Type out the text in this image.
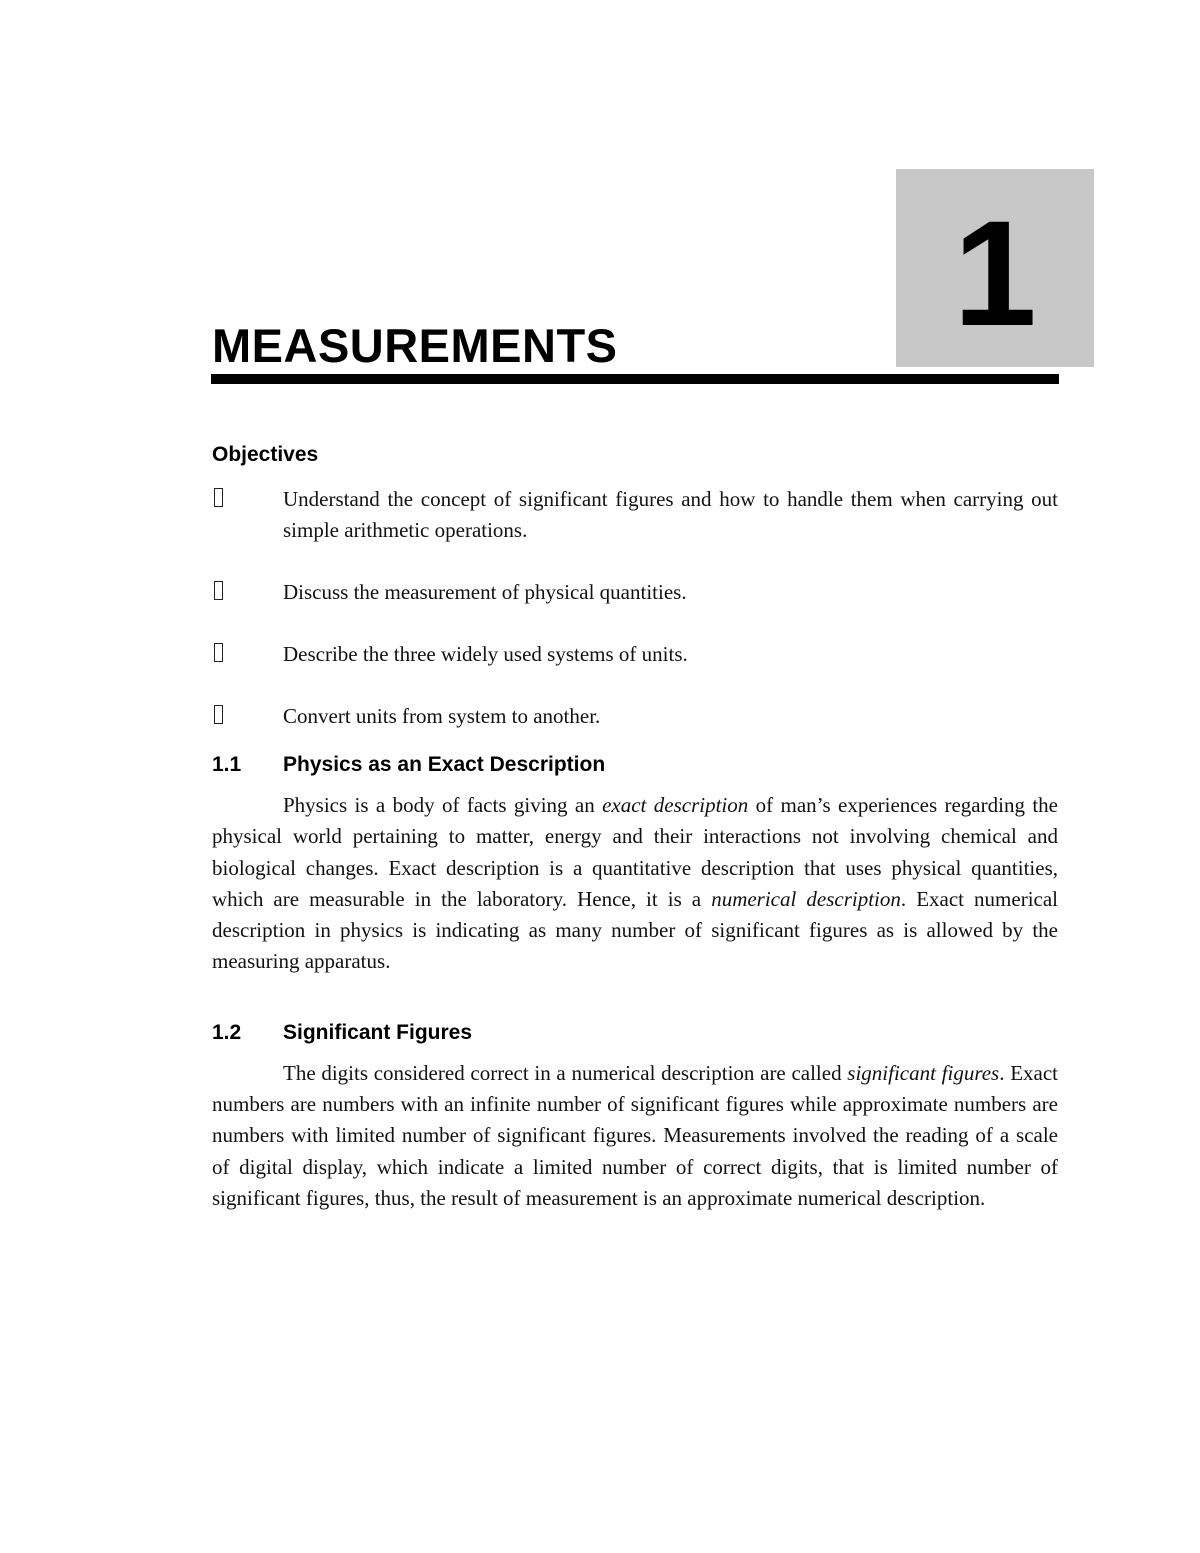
1
MEASUREMENTS
Objectives
Understand the concept of significant figures and how to handle them when carrying out simple arithmetic operations.
Discuss the measurement of physical quantities.
Describe the three widely used systems of units.
Convert units from system to another.
1.1 Physics as an Exact Description

Physics is a body of facts giving an exact description of man’s experiences regarding the physical world pertaining to matter, energy and their interactions not involving chemical and biological changes. Exact description is a quantitative description that uses physical quantities, which are measurable in the laboratory. Hence, it is a numerical description. Exact numerical description in physics is indicating as many number of significant figures as is allowed by the measuring apparatus.

1.2 Significant Figures

The digits considered correct in a numerical description are called significant figures. Exact numbers are numbers with an infinite number of significant figures while approximate numbers are numbers with limited number of significant figures. Measurements involved the reading of a scale of digital display, which indicate a limited number of correct digits, that is limited number of significant figures, thus, the result of measurement is an approximate numerical description.
